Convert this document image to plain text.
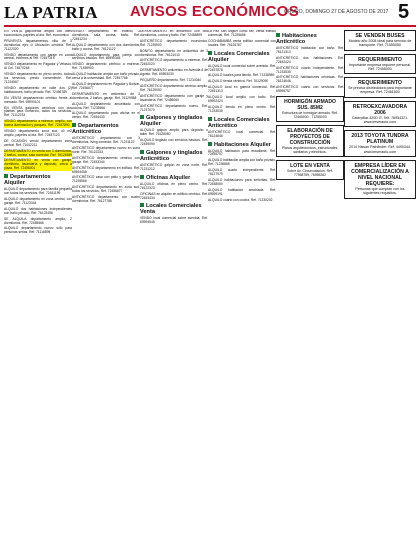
LA PATRIA AVISOS ECONÓMICOS
ORURO, DOMINGO 27 DE AGOSTO DE 2017 5
EN VENTA galponeras amplio con lotes económicos, papeles al día. Ref. económico
PRUVENTA departamentos villa de 3 dormitorios ejec c/ Ubicación céntrica. Ref. 71122320
VENDO departamento con garaje en zona central. Informes al Telf. 72457315
VENDO departamento en Pagador y Velasco. Al Cel. 74870248
VENDO departamento en pleno centro, todos los servicios, precio conveniente. Ref. 71234567
VENDO departamento en calle dos (2) habitaciones, baño privado. Ref. 72456789
EN VENTA departamento céntrico frente al mercado. Ref. 69590101
EN VENTA galpones céntricos con dos plantas para comercio, todos los servicios. Ref. 71112233
VENDO departamento a estrenar, amplio, con buena iluminación y parqueo. Ref. 72457890
VENDO departamento zona sud, 40 m2 amplio, papeles al día. Ref. 72457123
DE OCASIÓN vendo departamento zona central. Ref. 71002211
DEPARTAMENTO en venta con 3 dormitorios, 2 baños, cocina, sala comedor. Ref. 76124589
DEPARTAMENTO en venta con garaje, dormitorio, lavandería y depósito, cerca a plaza. Ref. 72456001
Departamentos Alquiler
ALQUILO departamento para familia pequeña con todos los servicios. Ref. 72451199
ALQUILO departamento en zona central, con garaje. Ref. 71123344
ALQUILO dos habitaciones independientes con baño privado. Ref. 76123456
SE ALQUILA departamento amplio, 2 dormitorios. Ref. 72455566
ALQUILO departamento nuevo sólo para personas serias. Ref. 71118899
VENDO departamento en edificio, 3 dormitorios, sala, cocina, baño. Ref. 72451234
ALQUILO departamento con dos dormitorios, baño y cocina. Ref. 76121122
ALQUILO departamento para pareja con servicios básicos. Ref. 69590345
VENDO departamento céntrico a estrenar. Ref. 71459900
ALQUILO habitación amplia con baño privado, cerca a la universidad. Ref. 72457788
ALQUILO departamento en Pagador y Bolívar. Ref. 72456677
DEPARTAMENTO en anticrético de 3 dormitorios, 2 baños, garaje. Ref. 76129988
ALQUILO departamento amueblado con cocina. Ref. 71235566
ALQUILO departamento para oficina en el centro. Ref. 72454433
Departamentos Anticrético
ANTICRÉTICO departamento con 3 dormitorios, living comedor. Ref. 71231122
ANTICRÉTICO departamento nuevo en zona norte. Ref. 76122233
ANTICRÉTICO departamento céntrico con garaje. Ref. 72453344
ANTICRÉTICO departamento en edificio. Ref. 69594455
ANTICRÉTICO casa con patio y garaje. Ref. 71235566
ANTICRÉTICO departamento en zona sud, todos los servicios. Ref. 72456677
ANTICRÉTICO departamento con cuatro dormitorios. Ref. 76127788
DEPARTAMENTO en anticrético con dos dormitorios, cocina y baño. Ref. 72458899
ANTICRÉTICO departamento económico. Ref. 71239900
BONITO departamento en anticrético de 3 dormitorios. Ref. 76121010
ANTICRÉTICO departamento a estrenar. Ref. 72452020
DEPARTAMENTO anticrético en Avenida 6 de Agosto. Ref. 69593030
PEQUEÑO departamento. Ref. 71234040
ANTICRÉTICO departamento céntrico amplio. Ref. 76125050
ANTICRÉTICO departamento con garaje y lavandería. Ref. 72456060
ANTICRÉTICO departamento nuevo. Ref. 71237070
Galpones y tinglados Alquiler
ALQUILO galpón amplio para depósito o taller. Ref. 76128080
ALQUILO tinglado con servicios básicos. Ref. 72459090
Galpones y tinglados Anticrético
ANTICRÉTICO galpón en zona norte. Ref. 71231212
Oficinas Alquiler
ALQUILO oficinas en pleno centro. Ref. 76122323
OFICINAS en alquiler en edificio céntrico. Ref. 72453434
Locales Comerciales Venta
VENDO local comercial sobre avenida. Ref. 69594545
La Paz San Miguel como ser, venta edificio comercial. Ref. 71235656
COCHABAMBA venta edificio comercial con locales. Ref. 76126767
Locales Comerciales Alquiler
ALQUILO local comercial sobre avenida. Ref. 72457878
ALQUILO locales para tienda. Ref. 71238989
ALQUILO tienda céntrica. Ref. 76129090
ALQUILO local en galería comercial. Ref. 72451313
ALQUILO local amplio con baño. Ref. 69592424
ALQUILO tienda en pleno centro. Ref. 71233535
Locales Comerciales Anticrético
ANTICRÉTICO local comercial. Ref. 76124646
Habitaciones Alquiler
ALQUILO habitación para estudiante. Ref. 72455757
ALQUILO habitación amplia con baño privado. Ref. 71236868
ALQUILO cuarto independiente. Ref. 76127979
ALQUILO habitaciones para señoritas. Ref. 72458080
ALQUILO habitación amoblada. Ref. 69599191
ALQUILO cuarto con cocina. Ref. 71230202
Habitaciones Anticrético
ANTICRÉTICO habitación con baño. Ref. 76121313
ANTICRÉTICO dos habitaciones. Ref. 72452424
ANTICRÉTICO cuarto independiente. Ref. 71233535
ANTICRÉTICO habitaciones céntricas. Ref. 76124646
ANTICRÉTICO cuarto con servicios. Ref. 69595757
HORMIGÓN ARMADO SUS. 85M2
Estructura de hormigón armado. Ref. 72465000 - 71255000
ELABORACIÓN DE PROYECTOS DE CONSTRUCCIÓN
Planos arquitectónicos, estructurales, sanitarios y eléctricos.
LOTE EN VENTA
Sobre Av. Circunvalación. Ref. 77958759, 76955262
SE VENDEN BUSES
Modelo año 2008 ideal para servicio de transporte. Ref. 71555050
REQUERIMIENTO
Importante empresa requiere personal. Ref. 72455000
REQUERIMIENTO
Se precisa distribuidora para importante empresa. Ref. 72461500
RETROEXCAVADORA 2006
Caterpillar 420D IT. Telf. 76954321. www.imserauto.com
2013 TOYOTA TUNDRA PLATINUM
2014 Nissan Pathfinder. Ref. 4490344. www.imserauto.com
EMPRESA LÍDER EN COMERCIALIZACIÓN A NIVEL NACIONAL REQUIERE:
Personas que cumplan con los siguientes requisitos.
